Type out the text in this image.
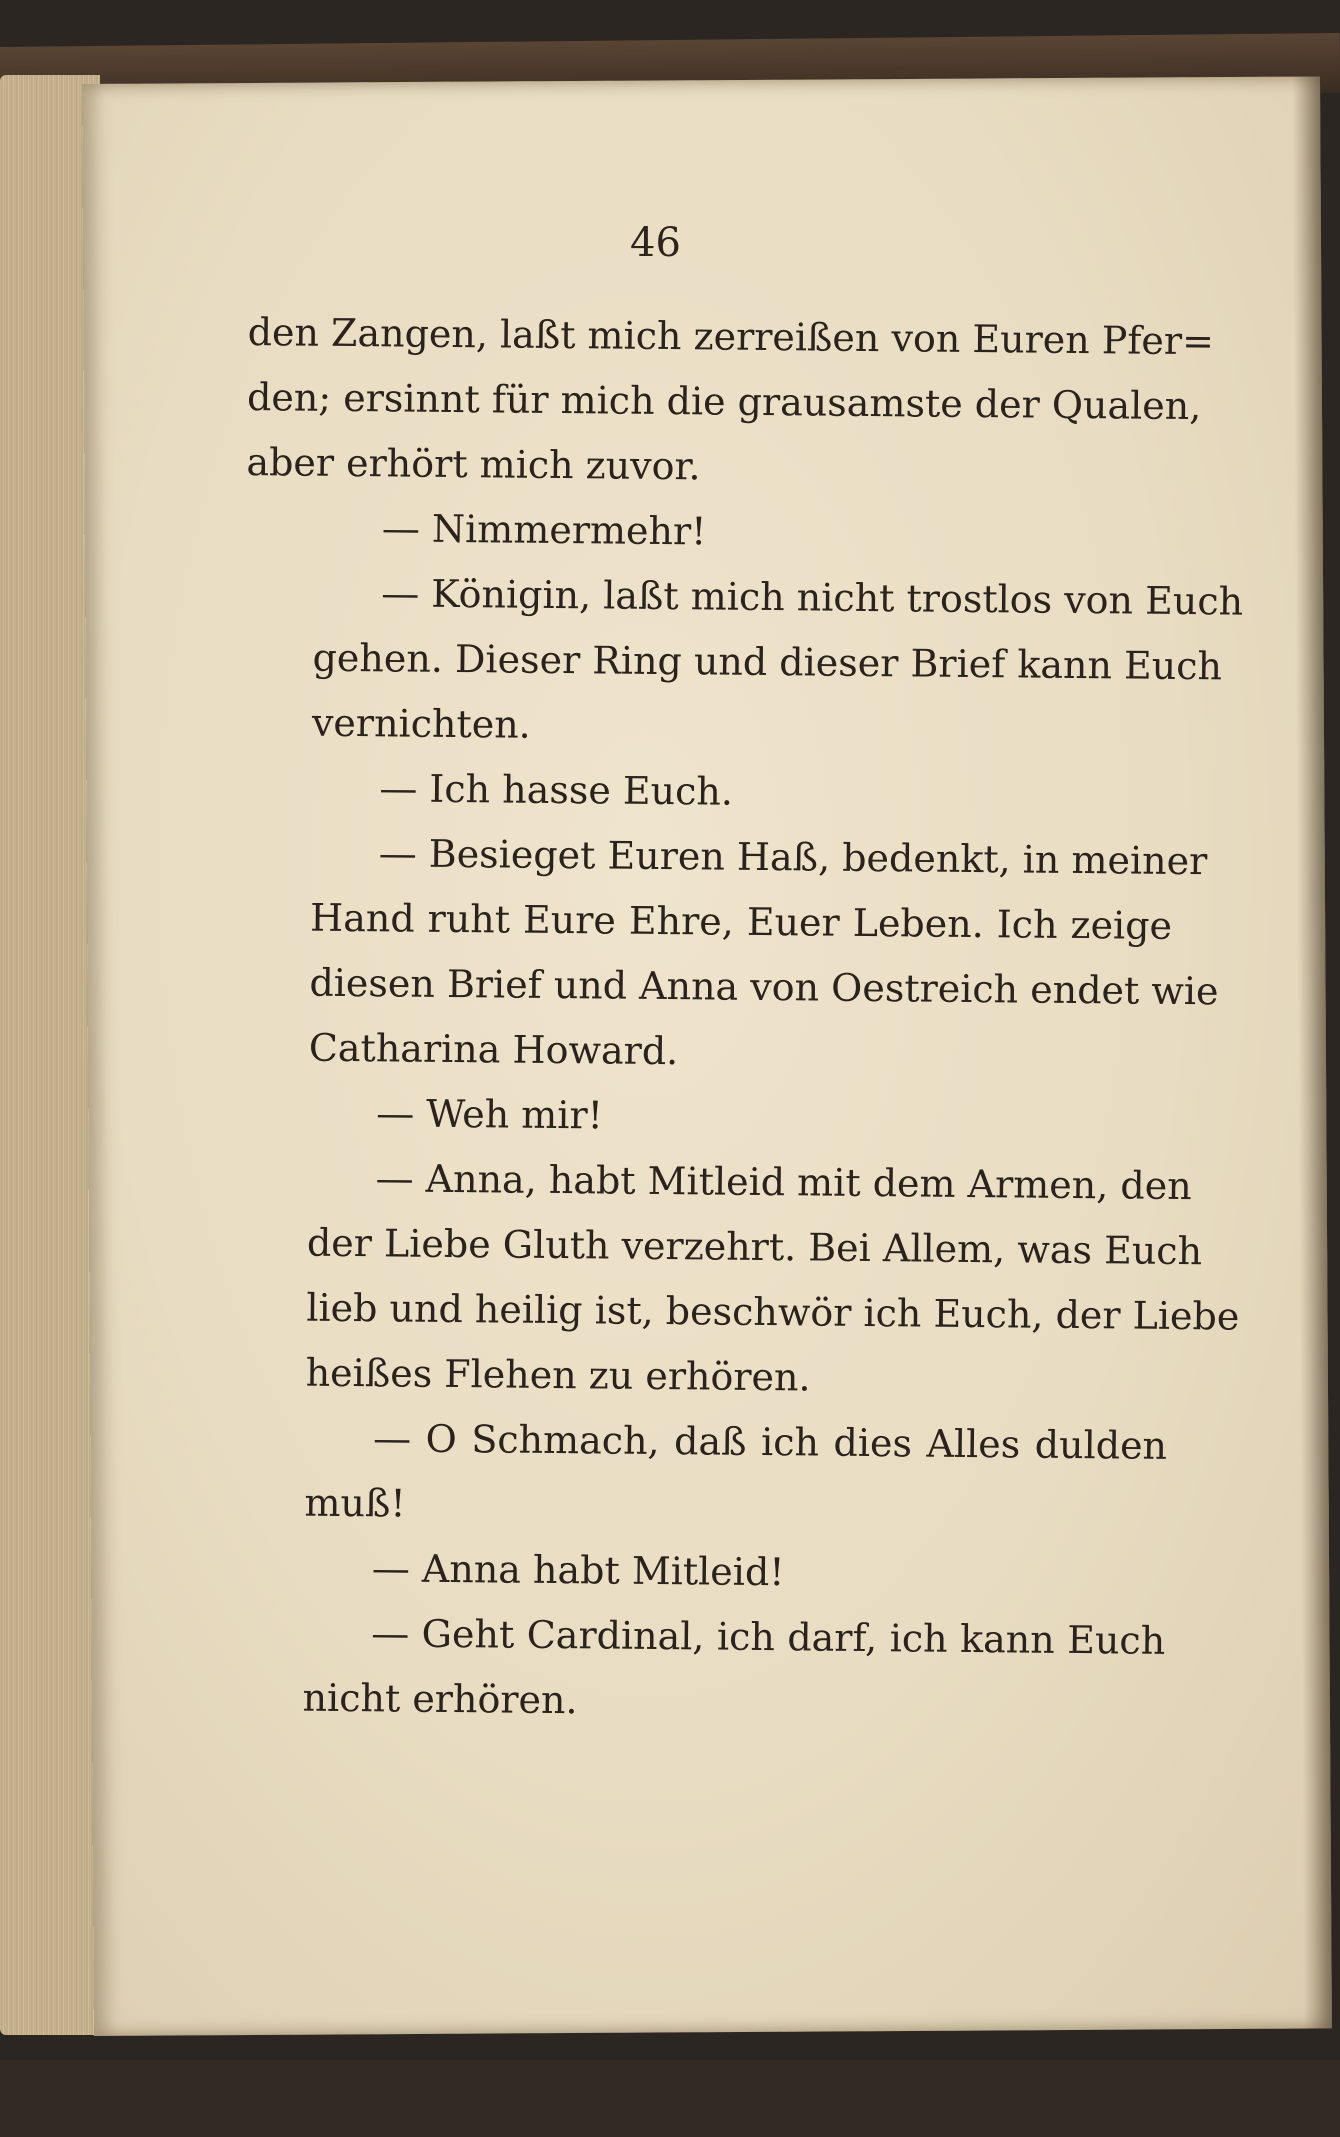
46
den Zangen, laßt mich zerreißen von Euren Pfer=
den; ersinnt für mich die grausamste der Qualen,
aber erhört mich zuvor.
— Nimmermehr!
— Königin, laßt mich nicht trostlos von Euch
gehen. Dieser Ring und dieser Brief kann Euch
vernichten.
— Ich hasse Euch.
— Besieget Euren Haß, bedenkt, in meiner
Hand ruht Eure Ehre, Euer Leben. Ich zeige
diesen Brief und Anna von Oestreich endet wie
Catharina Howard.
— Weh mir!
— Anna, habt Mitleid mit dem Armen, den
der Liebe Gluth verzehrt. Bei Allem, was Euch
lieb und heilig ist, beschwör ich Euch, der Liebe
heißes Flehen zu erhören.
— O Schmach, daß ich dies Alles dulden
muß!
— Anna habt Mitleid!
— Geht Cardinal, ich darf, ich kann Euch
nicht erhören.
